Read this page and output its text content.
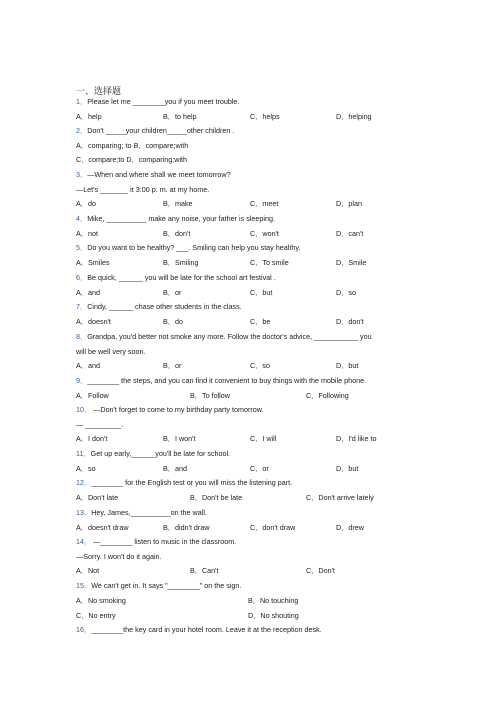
一、选择题
1．Please let me ________you if you meet trouble.
A．help	B．to help	C．helps	D．helping
2．Don't _____your children_____other children .
A．comparing; to B．compare;with
C．compare;to D．comparing;with
3．—When and where shall we meet tomorrow?
—Let's _______ it 3:00 p. m. at my home.
A．do	B．make	C．meet	D．plan
4．Mike, __________ make any noise, your father is sleeping.
A．not	B．don't	C．won't	D．can't
5．Do you want to be healthy? ___. Smiling can help you stay healthy.
A．Smiles	B．Smiling	C．To smile	D．Smile
6．Be quick, ______ you will be late for the school art festival .
A．and	B．or	C．but	D．so
7．Cindy, ______ chase other students in the class.
A．doesn't	B．do	C．be	D．don't
8．Grandpa, you'd better not smoke any more. Follow the doctor's advice, ___________ you
will be well very soon.
A．and	B．or	C．so	D．but
9．________ the steps, and you can find it convenient to buy things with the mobile phone.
A．Follow	B．To follow	C．Following
10． —Don't forget to come to my birthday party tomorrow.
— _________.
A．I don't	B．I won't	C．I will	D．I'd like to
11．Get up early,______you'll be late for school.
A．so	B．and	C．or	D．but
12．________ for the English test or you will miss the listening part.
A．Don't late	B．Don't be late	C．Don't arrive lately
13．Hey, James,__________on the wall.
A．doesn't draw	B．didn't draw	C．don't draw	D．drew
14． —________ listen to music in the classroom.
—Sorry. I won't do it again.
A．Not	B．Can't	C．Don't
15．We can't get in. It says "________" on the sign.
A．No smoking	B．No touching
C．No entry	D．No shouting
16．________the key card in your hotel room. Leave it at the reception desk.
